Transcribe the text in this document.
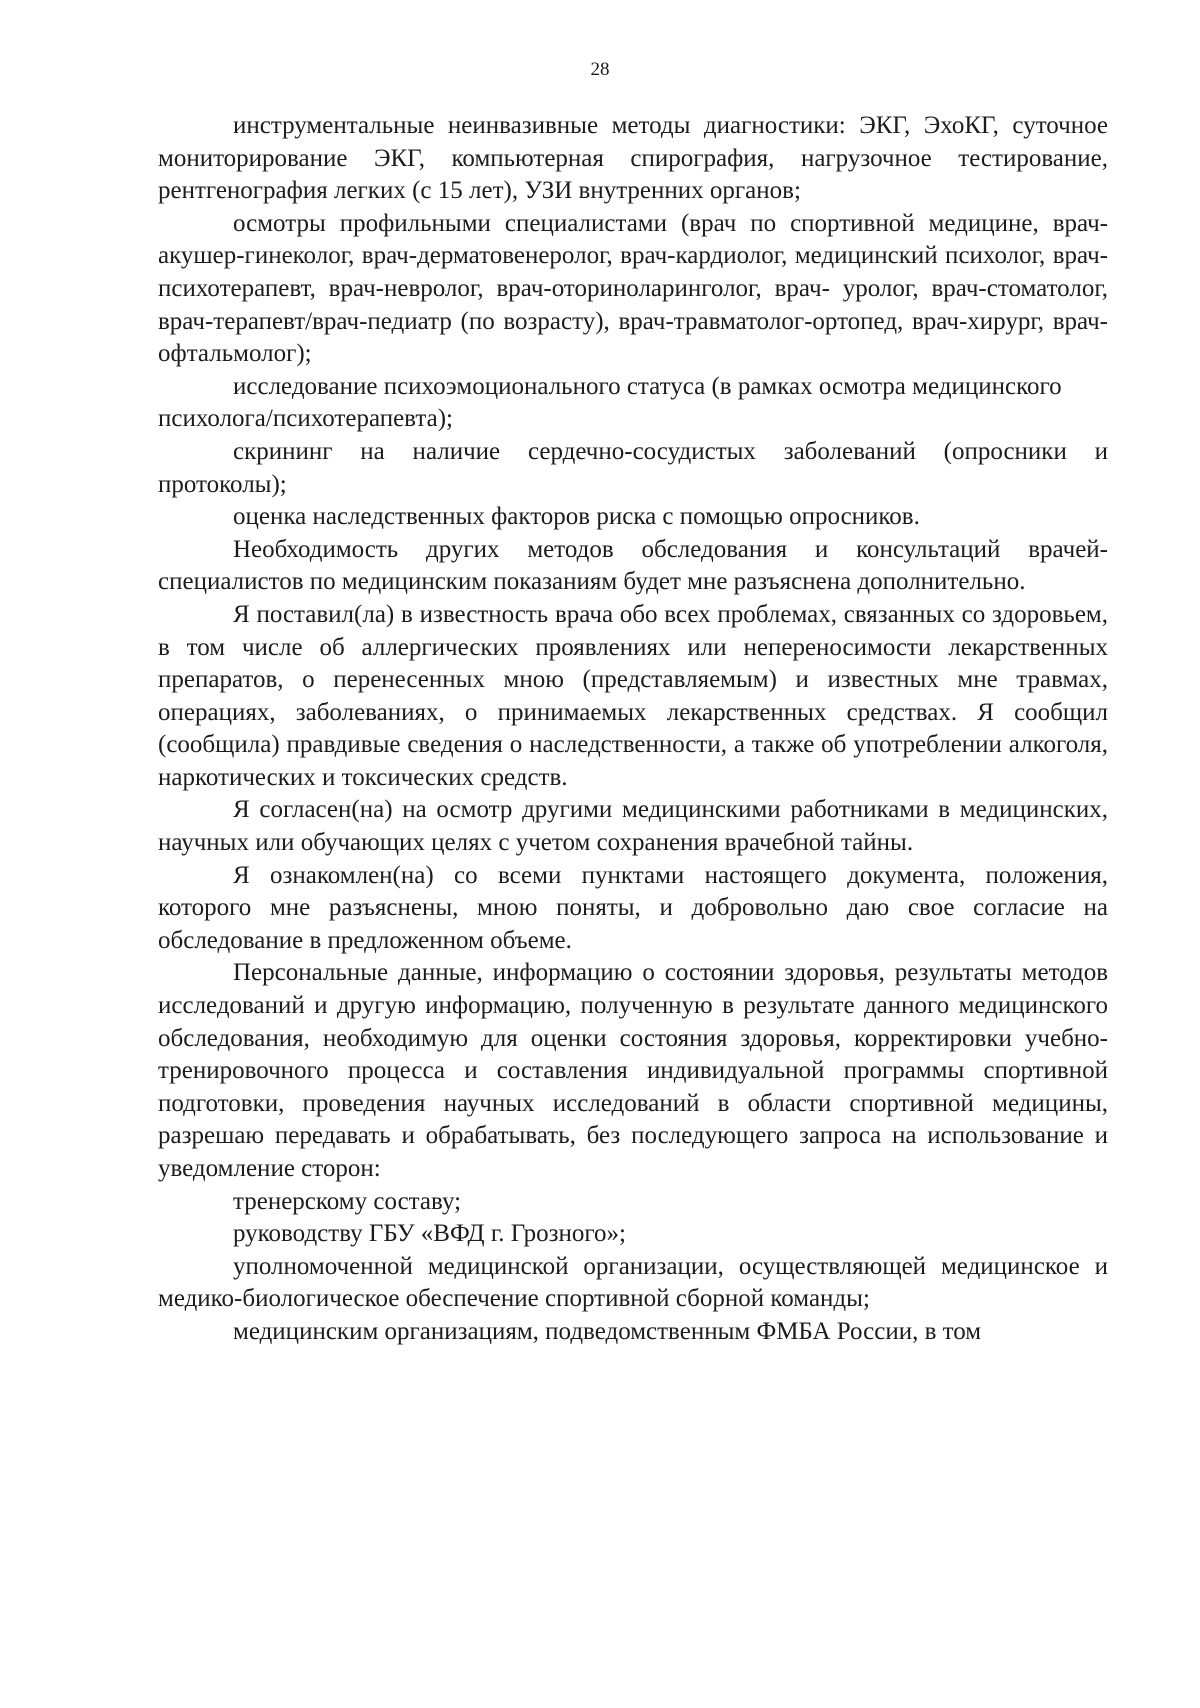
28

инструментальные неинвазивные методы диагностики: ЭКГ, ЭхоКГ, суточное мониторирование ЭКГ, компьютерная спирография, нагрузочное тестирование, рентгенография легких (с 15 лет), УЗИ внутренних органов;

осмотры профильными специалистами (врач по спортивной медицине, врач-акушер-гинеколог, врач-дерматовенеролог, врач-кардиолог, медицинский психолог, врач-психотерапевт, врач-невролог, врач-оториноларинголог, врач- уролог, врач-стоматолог, врач-терапевт/врач-педиатр (по возрасту), врач-травматолог-ортопед, врач-хирург, врач-офтальмолог);

исследование психоэмоционального статуса (в рамках осмотра медицинского психолога/психотерапевта);

скрининг на наличие сердечно-сосудистых заболеваний (опросники и протоколы);

оценка наследственных факторов риска с помощью опросников.

Необходимость других методов обследования и консультаций врачей-специалистов по медицинским показаниям будет мне разъяснена дополнительно.

Я поставил(ла) в известность врача обо всех проблемах, связанных со здоровьем, в том числе об аллергических проявлениях или непереносимости лекарственных препаратов, о перенесенных мною (представляемым) и известных мне травмах, операциях, заболеваниях, о принимаемых лекарственных средствах. Я сообщил (сообщила) правдивые сведения о наследственности, а также об употреблении алкоголя, наркотических и токсических средств.

Я согласен(на) на осмотр другими медицинскими работниками в медицинских, научных или обучающих целях с учетом сохранения врачебной тайны.

Я ознакомлен(на) со всеми пунктами настоящего документа, положения, которого мне разъяснены, мною поняты, и добровольно даю свое согласие на обследование в предложенном объеме.

Персональные данные, информацию о состоянии здоровья, результаты методов исследований и другую информацию, полученную в результате данного медицинского обследования, необходимую для оценки состояния здоровья, корректировки учебно-тренировочного процесса и составления индивидуальной программы спортивной подготовки, проведения научных исследований в области спортивной медицины, разрешаю передавать и обрабатывать, без последующего запроса на использование и уведомление сторон:

тренерскому составу;

руководству ГБУ «ВФД г. Грозного»;

уполномоченной медицинской организации, осуществляющей медицинское и медико-биологическое обеспечение спортивной сборной команды;

медицинским организациям, подведомственным ФМБА России, в том
